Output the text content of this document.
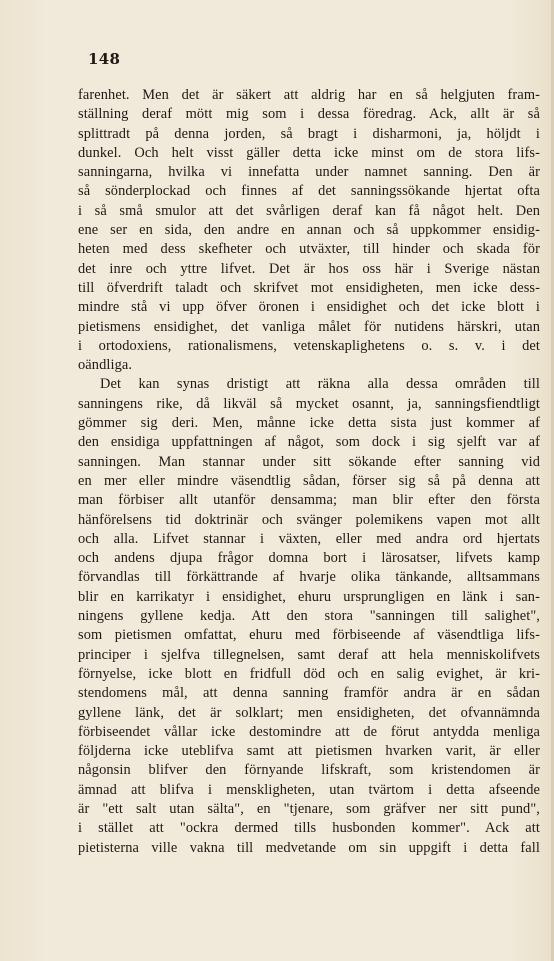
148
farenhet. Men det är säkert att aldrig har en så helgjuten fram-
ställning deraf mött mig som i dessa föredrag. Ack, allt är så
splittradt på denna jorden, så bragt i disharmoni, ja, höljdt i
dunkel. Och helt visst gäller detta icke minst om de stora lifs-
sanningarna, hvilka vi innefatta under namnet sanning. Den är
så sönderplockad och finnes af det sanningssökande hjertat ofta
i så små smulor att det svårligen deraf kan få något helt. Den
ene ser en sida, den andre en annan och så uppkommer ensidig-
heten med dess skefheter och utväxter, till hinder och skada för
det inre och yttre lifvet. Det är hos oss här i Sverige nästan
till öfverdrift taladt och skrifvet mot ensidigheten, men icke dess-
mindre stå vi upp öfver öronen i ensidighet och det icke blott i
pietismens ensidighet, det vanliga målet för nutidens härskri, utan
i ortodoxiens, rationalismens, vetenskaplighetens o. s. v. i det
oändliga.
Det kan synas dristigt att räkna alla dessa områden till
sanningens rike, då likväl så mycket osannt, ja, sanningsfiendtligt
gömmer sig deri. Men, månne icke detta sista just kommer af
den ensidiga uppfattningen af något, som dock i sig sjelft var af
sanningen. Man stannar under sitt sökande efter sanning vid
en mer eller mindre väsendtlig sådan, förser sig så på denna att
man förbiser allt utanför densamma; man blir efter den första
hänförelsens tid doktrinär och svänger polemikens vapen mot allt
och alla. Lifvet stannar i växten, eller med andra ord hjertats
och andens djupa frågor domna bort i lärosatser, lifvets kamp
förvandlas till förkättrande af hvarje olika tänkande, alltsammans
blir en karrikatyr i ensidighet, ehuru ursprungligen en länk i san-
ningens gyllene kedja. Att den stora "sanningen till salighet",
som pietismen omfattat, ehuru med förbiseende af väsendtliga lifs-
principer i sjelfva tillegnelsen, samt deraf att hela menniskolifvets
förnyelse, icke blott en fridfull död och en salig evighet, är kri-
stendomens mål, att denna sanning framför andra är en sådan
gyllene länk, det är solklart; men ensidigheten, det ofvannämnda
förbiseendet vållar icke destomindre att de förut antydda menliga
följderna icke uteblifva samt att pietismen hvarken varit, är eller
någonsin blifver den förnyande lifskraft, som kristendomen är
ämnad att blifva i menskligheten, utan tvärtom i detta afseende
är "ett salt utan sälta", en "tjenare, som gräfver ner sitt pund",
i stället att "ockra dermed tills husbonden kommer". Ack att
pietisterna ville vakna till medvetande om sin uppgift i detta fall
